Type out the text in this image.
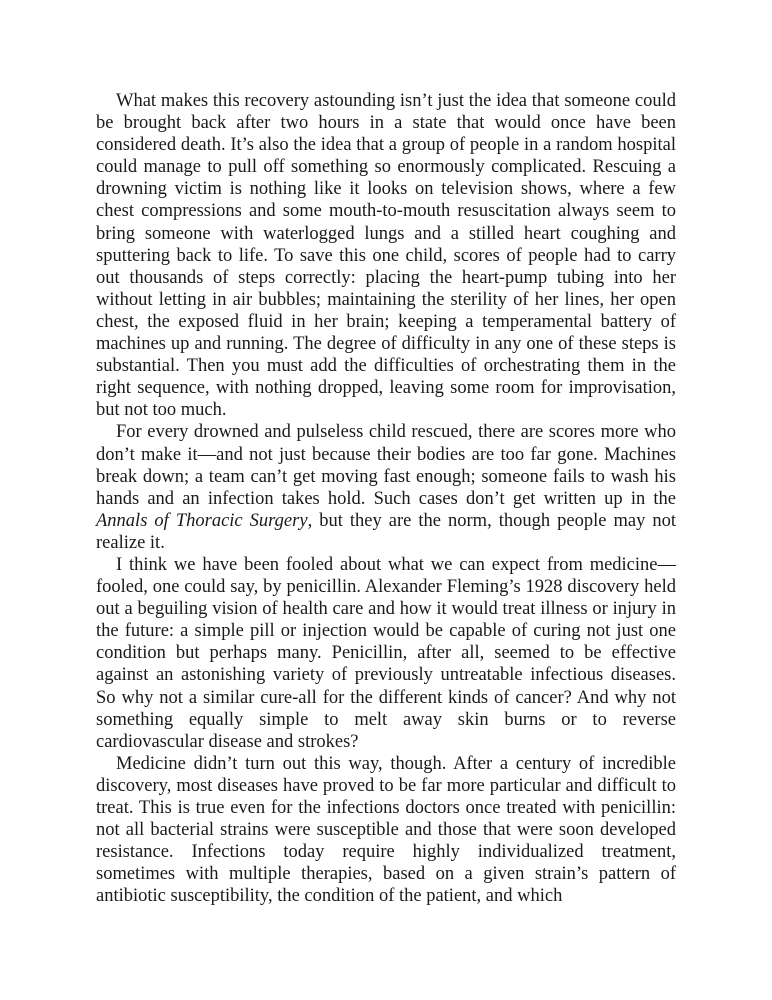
What makes this recovery astounding isn’t just the idea that someone could be brought back after two hours in a state that would once have been considered death. It’s also the idea that a group of people in a random hospital could manage to pull off something so enormously complicated. Rescuing a drowning victim is nothing like it looks on television shows, where a few chest compressions and some mouth-to-mouth resuscitation always seem to bring someone with waterlogged lungs and a stilled heart coughing and sputtering back to life. To save this one child, scores of people had to carry out thousands of steps correctly: placing the heart-pump tubing into her without letting in air bubbles; maintaining the sterility of her lines, her open chest, the exposed fluid in her brain; keeping a temperamental battery of machines up and running. The degree of difficulty in any one of these steps is substantial. Then you must add the difficulties of orchestrating them in the right sequence, with nothing dropped, leaving some room for improvisation, but not too much.

For every drowned and pulseless child rescued, there are scores more who don’t make it—and not just because their bodies are too far gone. Machines break down; a team can’t get moving fast enough; someone fails to wash his hands and an infection takes hold. Such cases don’t get written up in the Annals of Thoracic Surgery, but they are the norm, though people may not realize it.

I think we have been fooled about what we can expect from medicine—fooled, one could say, by penicillin. Alexander Fleming’s 1928 discovery held out a beguiling vision of health care and how it would treat illness or injury in the future: a simple pill or injection would be capable of curing not just one condition but perhaps many. Penicillin, after all, seemed to be effective against an astonishing variety of previously untreatable infectious diseases. So why not a similar cure-all for the different kinds of cancer? And why not something equally simple to melt away skin burns or to reverse cardiovascular disease and strokes?

Medicine didn’t turn out this way, though. After a century of incredible discovery, most diseases have proved to be far more particular and difficult to treat. This is true even for the infections doctors once treated with penicillin: not all bacterial strains were susceptible and those that were soon developed resistance. Infections today require highly individualized treatment, sometimes with multiple therapies, based on a given strain’s pattern of antibiotic susceptibility, the condition of the patient, and which
